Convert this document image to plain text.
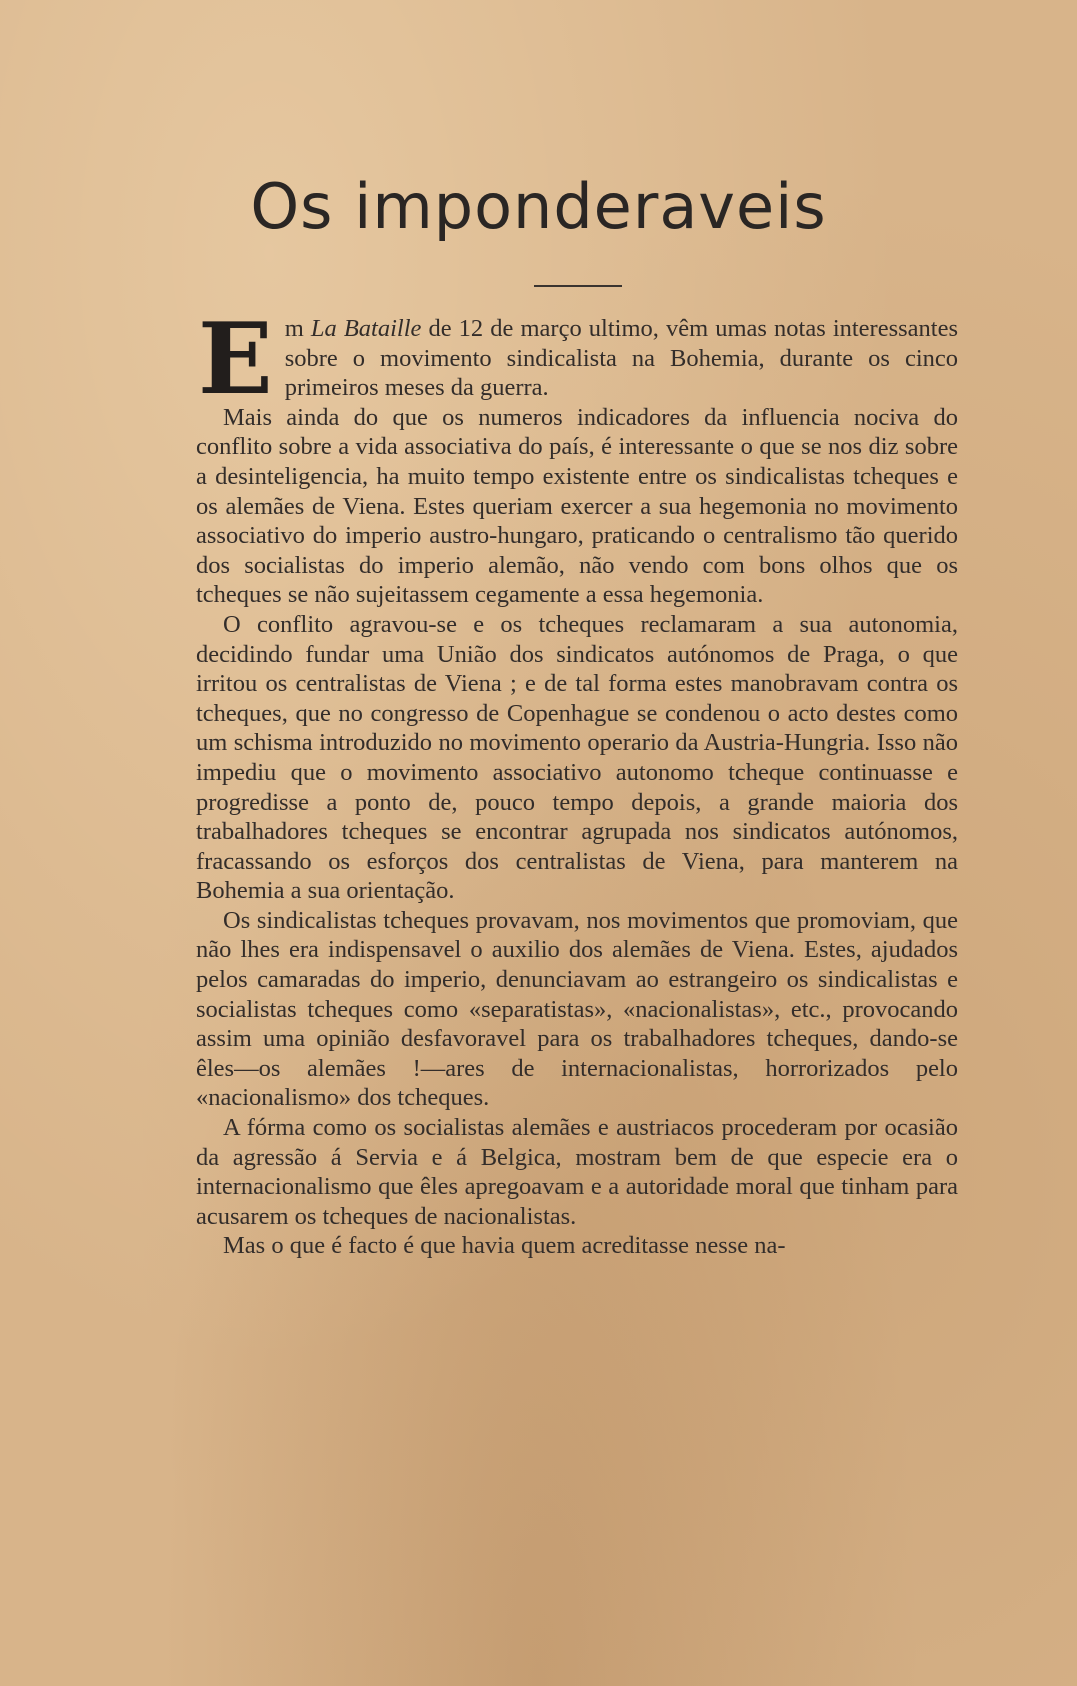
Os imponderaveis

Em La Bataille de 12 de março ultimo, vêm umas notas interessantes sobre o movimento sindicalista na Bohemia, durante os cinco primeiros meses da guerra.

Mais ainda do que os numeros indicadores da influencia nociva do conflito sobre a vida associativa do país, é interessante o que se nos diz sobre a desinteligencia, ha muito tempo existente entre os sindicalistas tcheques e os alemães de Viena. Estes queriam exercer a sua hegemonia no movimento associativo do imperio austro-hungaro, praticando o centralismo tão querido dos socialistas do imperio alemão, não vendo com bons olhos que os tcheques se não sujeitassem cegamente a essa hegemonia.

O conflito agravou-se e os tcheques reclamaram a sua autonomia, decidindo fundar uma União dos sindicatos autónomos de Praga, o que irritou os centralistas de Viena ; e de tal forma estes manobravam contra os tcheques, que no congresso de Copenhague se condenou o acto destes como um schisma introduzido no movimento operario da Austria-Hungria. Isso não impediu que o movimento associativo autonomo tcheque continuasse e progredisse a ponto de, pouco tempo depois, a grande maioria dos trabalhadores tcheques se encontrar agrupada nos sindicatos autónomos, fracassando os esforços dos centralistas de Viena, para manterem na Bohemia a sua orientação.

Os sindicalistas tcheques provavam, nos movimentos que promoviam, que não lhes era indispensavel o auxilio dos alemães de Viena. Estes, ajudados pelos camaradas do imperio, denunciavam ao estrangeiro os sindicalistas e socialistas tcheques como «separatistas», «nacionalistas», etc., provocando assim uma opinião desfavoravel para os trabalhadores tcheques, dando-se êles—os alemães !—ares de internacionalistas, horrorizados pelo «nacionalismo» dos tcheques.

A fórma como os socialistas alemães e austriacos procederam por ocasião da agressão á Servia e á Belgica, mostram bem de que especie era o internacionalismo que êles apregoavam e a autoridade moral que tinham para acusarem os tcheques de nacionalistas.

Mas o que é facto é que havia quem acreditasse nesse na-
